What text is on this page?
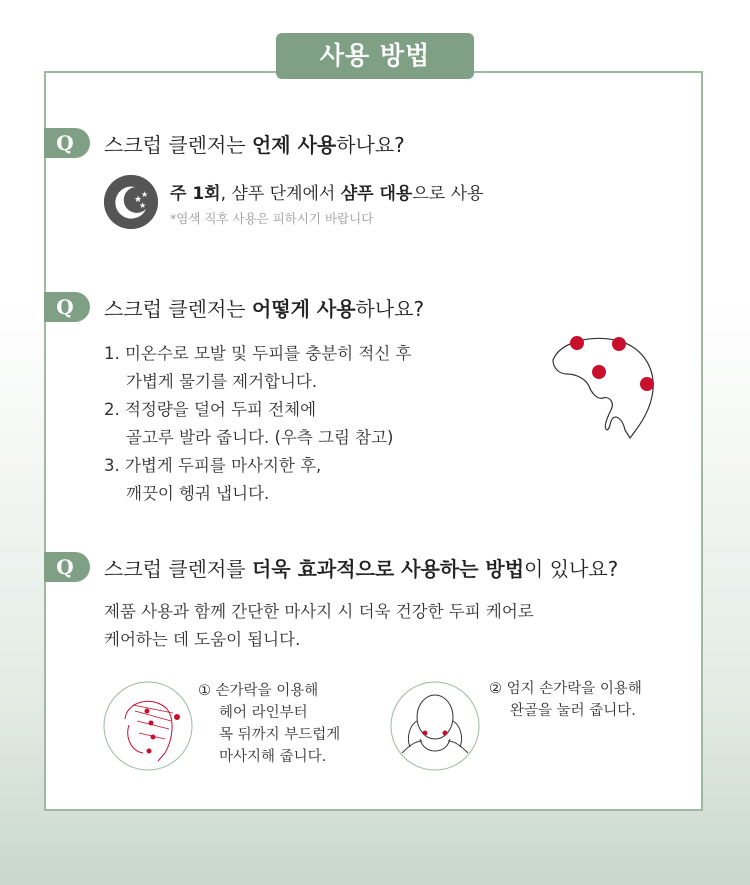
사용 방법
Q	스크럽 클렌저는 언제 사용하나요?
★
★
★
주 1회, 샴푸 단계에서 샴푸 대용으로 사용
*염색 직후 사용은 피하시기 바랍니다
Q	스크럽 클렌저는 어떻게 사용하나요?
1. 미온수로 모발 및 두피를 충분히 적신 후
가볍게 물기를 제거합니다.
2. 적정량을 덜어 두피 전체에
골고루 발라 줍니다. (우측 그림 참고)
3. 가볍게 두피를 마사지한 후,
깨끗이 헹궈 냅니다.
Q	스크럽 클렌저를 더욱 효과적으로 사용하는 방법이 있나요?
제품 사용과 함께 간단한 마사지 시 더욱 건강한 두피 케어로
케어하는 데 도움이 됩니다.
① 손가락을 이용해
헤어 라인부터
목 뒤까지 부드럽게
마사지해 줍니다.
② 엄지 손가락을 이용해
완골을 눌러 줍니다.
